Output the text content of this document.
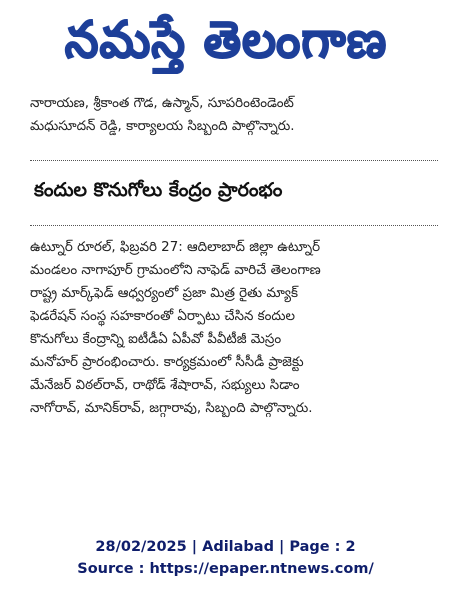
నమస్తే తెలంగాణ
నారాయణ, శ్రీకాంత గౌడ, ఉస్మాన్, సూపరింటెండెంట్
మధుసూదన్ రెడ్డి, కార్యాలయ సిబ్బంది పాల్గొన్నారు.
కందుల కొనుగోలు కేంద్రం ప్రారంభం
ఉట్నూర్ రూరల్, ఫిబ్రవరి 27: ఆదిలాబాద్ జిల్లా ఉట్నూర్
మండలం నాగాపూర్ గ్రామంలోని నాఫెడ్ వారిచే తెలంగాణ
రాష్ట్ర మార్క్‌ఫెడ్ ఆధ్వర్యంలో ప్రజా మిత్ర రైతు మ్యాక్
ఫెడరేషన్ సంస్థ సహకారంతో ఏర్పాటు చేసిన కందుల
కొనుగోలు కేంద్రాన్ని ఐటీడీఏ ఏపీవో పీవీటీజీ మెస్రం
మనోహర్ ప్రారంభించారు. కార్యక్రమంలో సీసీడీ ప్రాజెక్టు
మేనేజర్ విఠల్‌రావ్, రాథోడ్ శేషారావ్, సభ్యులు సిడాం
నాగోరావ్, మానిక్‌రావ్, జగ్గారావు, సిబ్బంది పాల్గొన్నారు.
28/02/2025 | Adilabad | Page : 2
Source : https://epaper.ntnews.com/
